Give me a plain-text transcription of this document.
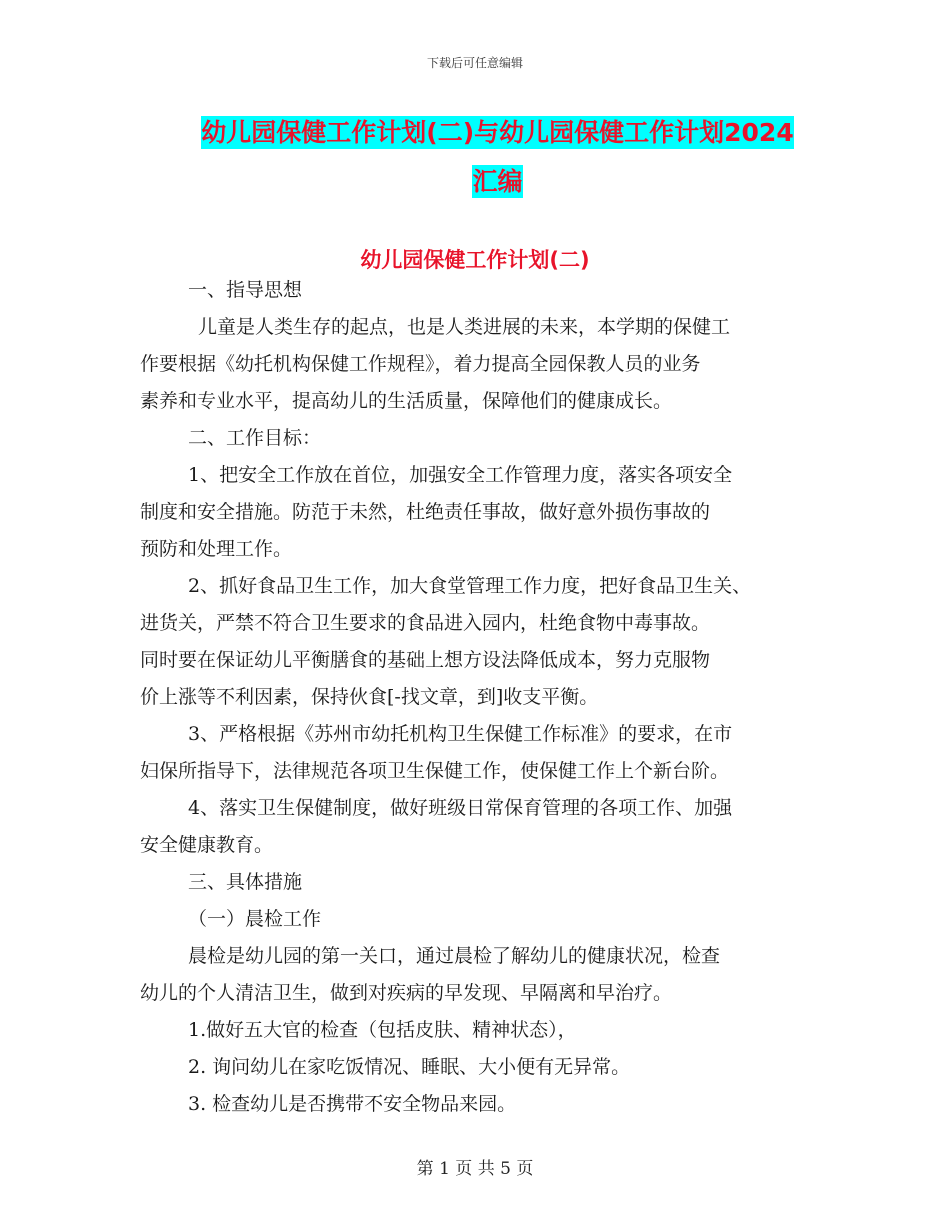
下载后可任意编辑
幼儿园保健工作计划(二)与幼儿园保健工作计划2024
汇编
幼儿园保健工作计划(二)

一、指导思想

儿童是人类生存的起点，也是人类进展的未来，本学期的保健工

作要根据《幼托机构保健工作规程》，着力提高全园保教人员的业务

素养和专业水平，提高幼儿的生活质量，保障他们的健康成长。

二、工作目标：

1、把安全工作放在首位，加强安全工作管理力度，落实各项安全

制度和安全措施。防范于未然，杜绝责任事故，做好意外损伤事故的

预防和处理工作。

2、抓好食品卫生工作，加大食堂管理工作力度，把好食品卫生关、

进货关，严禁不符合卫生要求的食品进入园内，杜绝食物中毒事故。

同时要在保证幼儿平衡膳食的基础上想方设法降低成本，努力克服物

价上涨等不利因素，保持伙食[-找文章，到]收支平衡。

3、严格根据《苏州市幼托机构卫生保健工作标准》的要求，在市

妇保所指导下，法律规范各项卫生保健工作，使保健工作上个新台阶。

4、落实卫生保健制度，做好班级日常保育管理的各项工作、加强

安全健康教育。

三、具体措施

（一）晨检工作

晨检是幼儿园的第一关口，通过晨检了解幼儿的健康状况，检查

幼儿的个人清洁卫生，做到对疾病的早发现、早隔离和早治疗。

1.做好五大官的检查（包括皮肤、精神状态），

2. 询问幼儿在家吃饭情况、睡眠、大小便有无异常。

3. 检查幼儿是否携带不安全物品来园。

第 1 页 共 5 页
